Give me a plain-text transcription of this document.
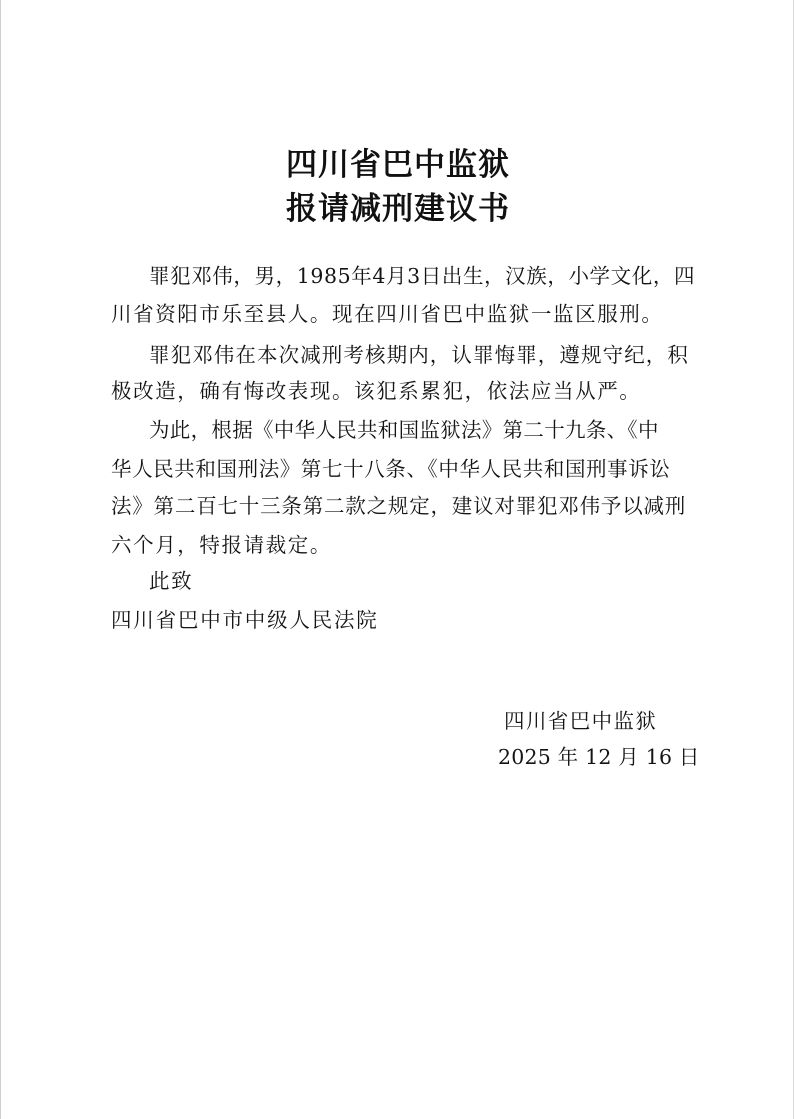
四川省巴中监狱
报请减刑建议书

罪犯邓伟，男，1985年4月3日出生，汉族，小学文化，四

川省资阳市乐至县人。现在四川省巴中监狱一监区服刑。

罪犯邓伟在本次减刑考核期内，认罪悔罪，遵规守纪，积

极改造，确有悔改表现。该犯系累犯，依法应当从严。

为此，根据《中华人民共和国监狱法》第二十九条、《中

华人民共和国刑法》第七十八条、《中华人民共和国刑事诉讼

法》第二百七十三条第二款之规定，建议对罪犯邓伟予以减刑

六个月，特报请裁定。

此致

四川省巴中市中级人民法院

四川省巴中监狱

2025 年 12 月 16 日
